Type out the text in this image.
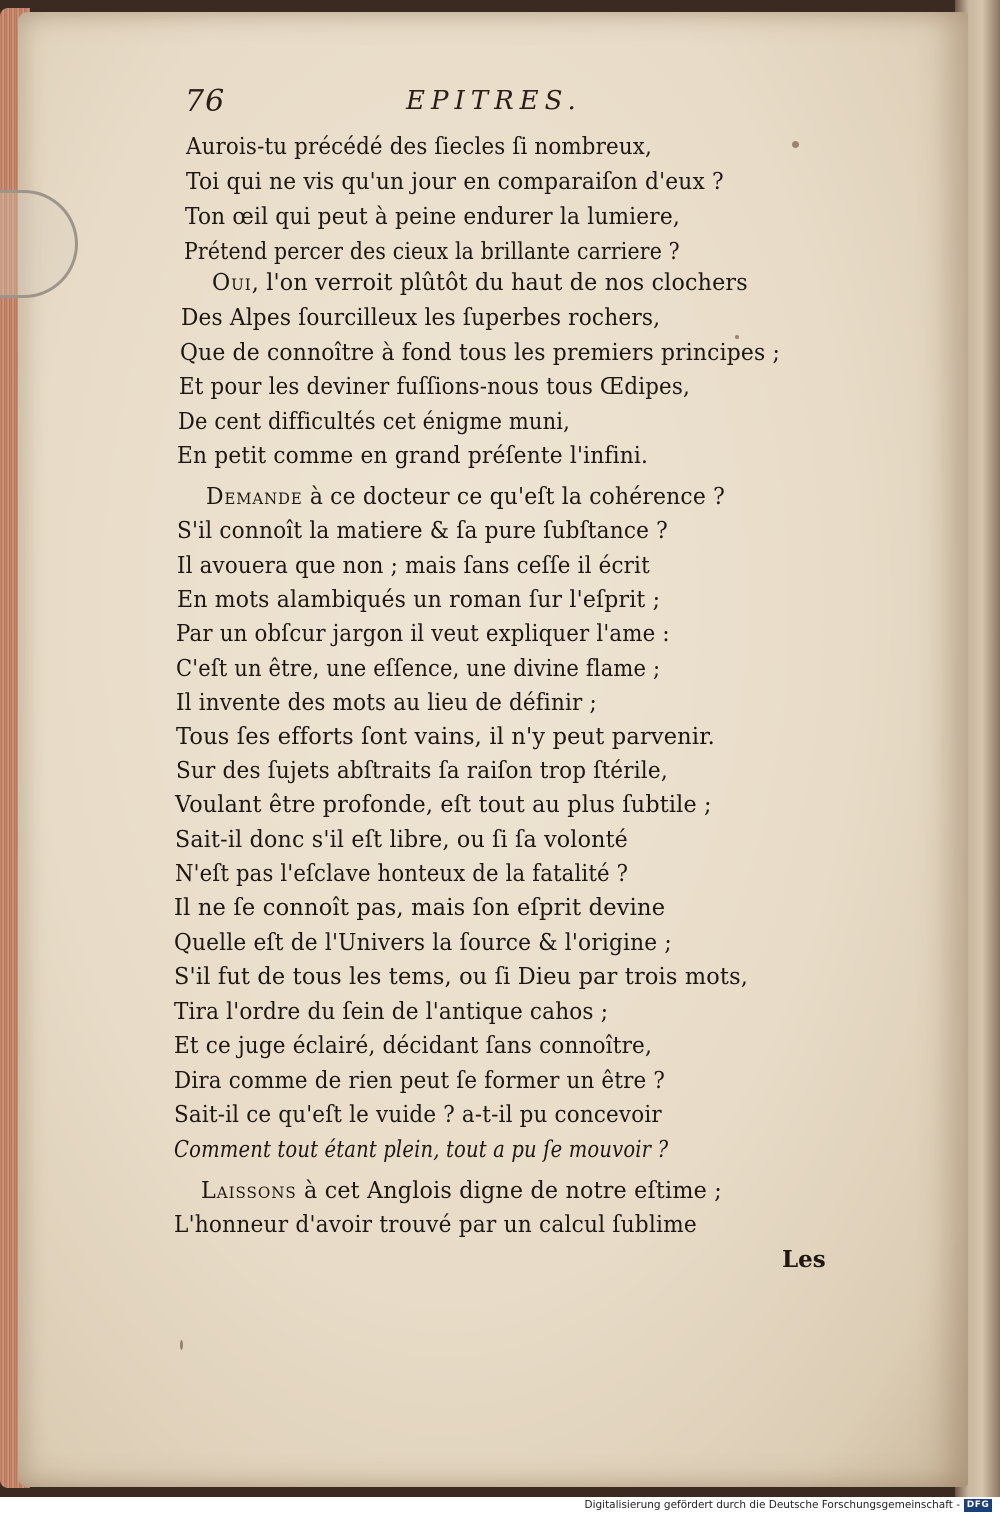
76	EPITRES.
Aurois-tu précédé des ſiecles ſi nombreux,
Toi qui ne vis qu'un jour en comparaiſon d'eux ?
Ton œil qui peut à peine endurer la lumiere,
Prétend percer des cieux la brillante carriere ?
Oui, l'on verroit plûtôt du haut de nos clochers
Des Alpes ſourcilleux les ſuperbes rochers,
Que de connoître à fond tous les premiers principes ;
Et pour les deviner fuſſions-nous tous Œdipes,
De cent difficultés cet énigme muni,
En petit comme en grand préſente l'infini.
Demande à ce docteur ce qu'eſt la cohérence ?
S'il connoît la matiere & ſa pure ſubſtance ?
Il avouera que non ; mais ſans ceſſe il écrit
En mots alambiqués un roman ſur l'eſprit ;
Par un obſcur jargon il veut expliquer l'ame :
C'eſt un être, une eſſence, une divine flame ;
Il invente des mots au lieu de définir ;
Tous ſes efforts ſont vains, il n'y peut parvenir.
Sur des ſujets abſtraits ſa raiſon trop ſtérile,
Voulant être profonde, eſt tout au plus ſubtile ;
Sait-il donc s'il eſt libre, ou ſi ſa volonté
N'eſt pas l'eſclave honteux de la fatalité ?
Il ne ſe connoît pas, mais ſon eſprit devine
Quelle eſt de l'Univers la ſource & l'origine ;
S'il fut de tous les tems, ou ſi Dieu par trois mots,
Tira l'ordre du ſein de l'antique cahos ;
Et ce juge éclairé, décidant ſans connoître,
Dira comme de rien peut ſe former un être ?
Sait-il ce qu'eſt le vuide ? a-t-il pu concevoir
Comment tout étant plein, tout a pu ſe mouvoir ?
Laissons à cet Anglois digne de notre eſtime ;
L'honneur d'avoir trouvé par un calcul ſublime
Les
Digitalisierung gefördert durch die Deutsche Forschungsgemeinschaft - DFG
